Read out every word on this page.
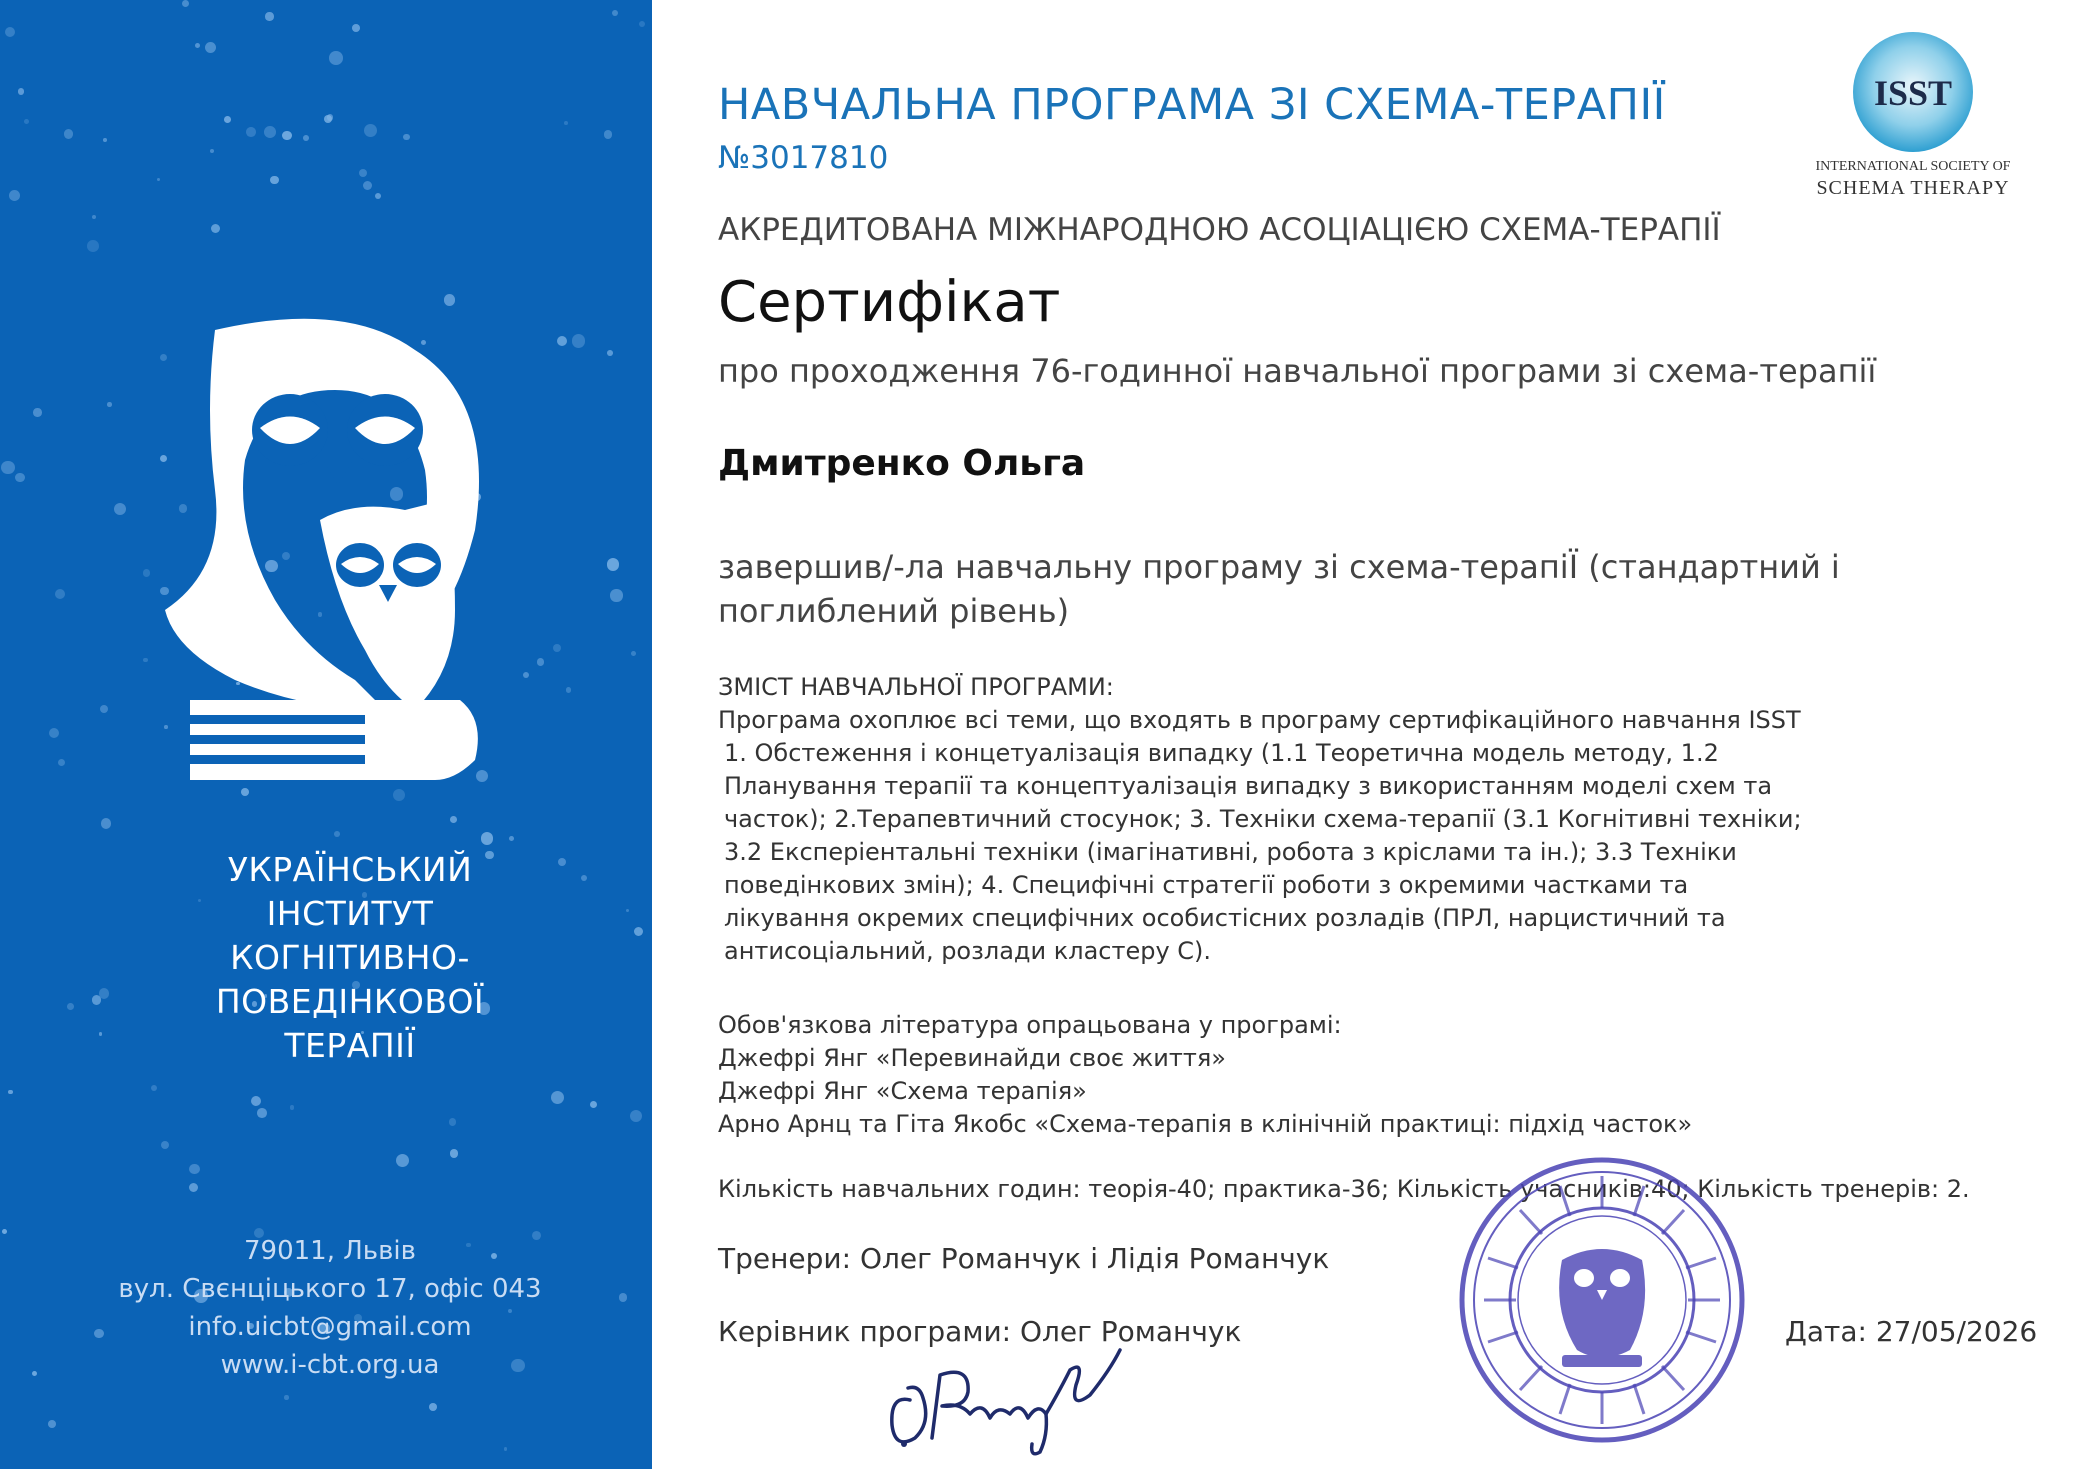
УКРАЇНСЬКИЙ
ІНСТИТУТ
КОГНІТИВНО-
ПОВЕДІНКОВОЇ
ТЕРАПІЇ
79011, Львів
вул. Свєнціцького 17, офіс 043
info.uicbt@gmail.com
www.i-cbt.org.ua
НАВЧАЛЬНА ПРОГРАМА ЗІ СХЕМА-ТЕРАПІЇ
№3017810
АКРЕДИТОВАНА МІЖНАРОДНОЮ АСОЦІАЦІЄЮ СХЕМА-ТЕРАПІЇ
Сертифікат
про проходження 76-годинної навчальної програми зі схема-терапії
Дмитренко Ольга
завершив/-ла навчальну програму зі схема-терапіЇ (стандартний і поглиблений рівень)
ЗМІСТ НАВЧАЛЬНОЇ ПРОГРАМИ:
Програма охоплює всі теми, що входять в програму сертифікаційного навчання ISST
1. Обстеження і концетуалізація випадку (1.1 Теоретична модель методу, 1.2
Планування терапії та концептуалізація випадку з використанням моделі схем та
часток); 2.Терапевтичний стосунок; 3. Техніки схема-терапії (3.1 Когнітивні техніки;
3.2 Експеріентальні техніки (імагінативні, робота з кріслами та ін.); 3.3 Техніки
поведінкових змін); 4. Специфічні стратегії роботи з окремими частками та
лікування окремих специфічних особистісних розладів (ПРЛ, нарцистичний та
антисоціальний, розлади кластеру С).
Обов'язкова література опрацьована у програмі:
Джефрі Янг «Перевинайди своє життя»
Джефрі Янг «Схема терапія»
Арно Арнц та Гіта Якобс «Схема-терапія в клінічній практиці: підхід часток»
Кількість навчальних годин: теорія-40; практика-36; Кількість учасників:40; Кількість тренерів: 2.
Тренери: Олег Романчук і Лідія Романчук
Керівник програми: Олег Романчук	Дата: 27/05/2026
ISST
INTERNATIONAL SOCIETY OF
SCHEMA THERAPY
